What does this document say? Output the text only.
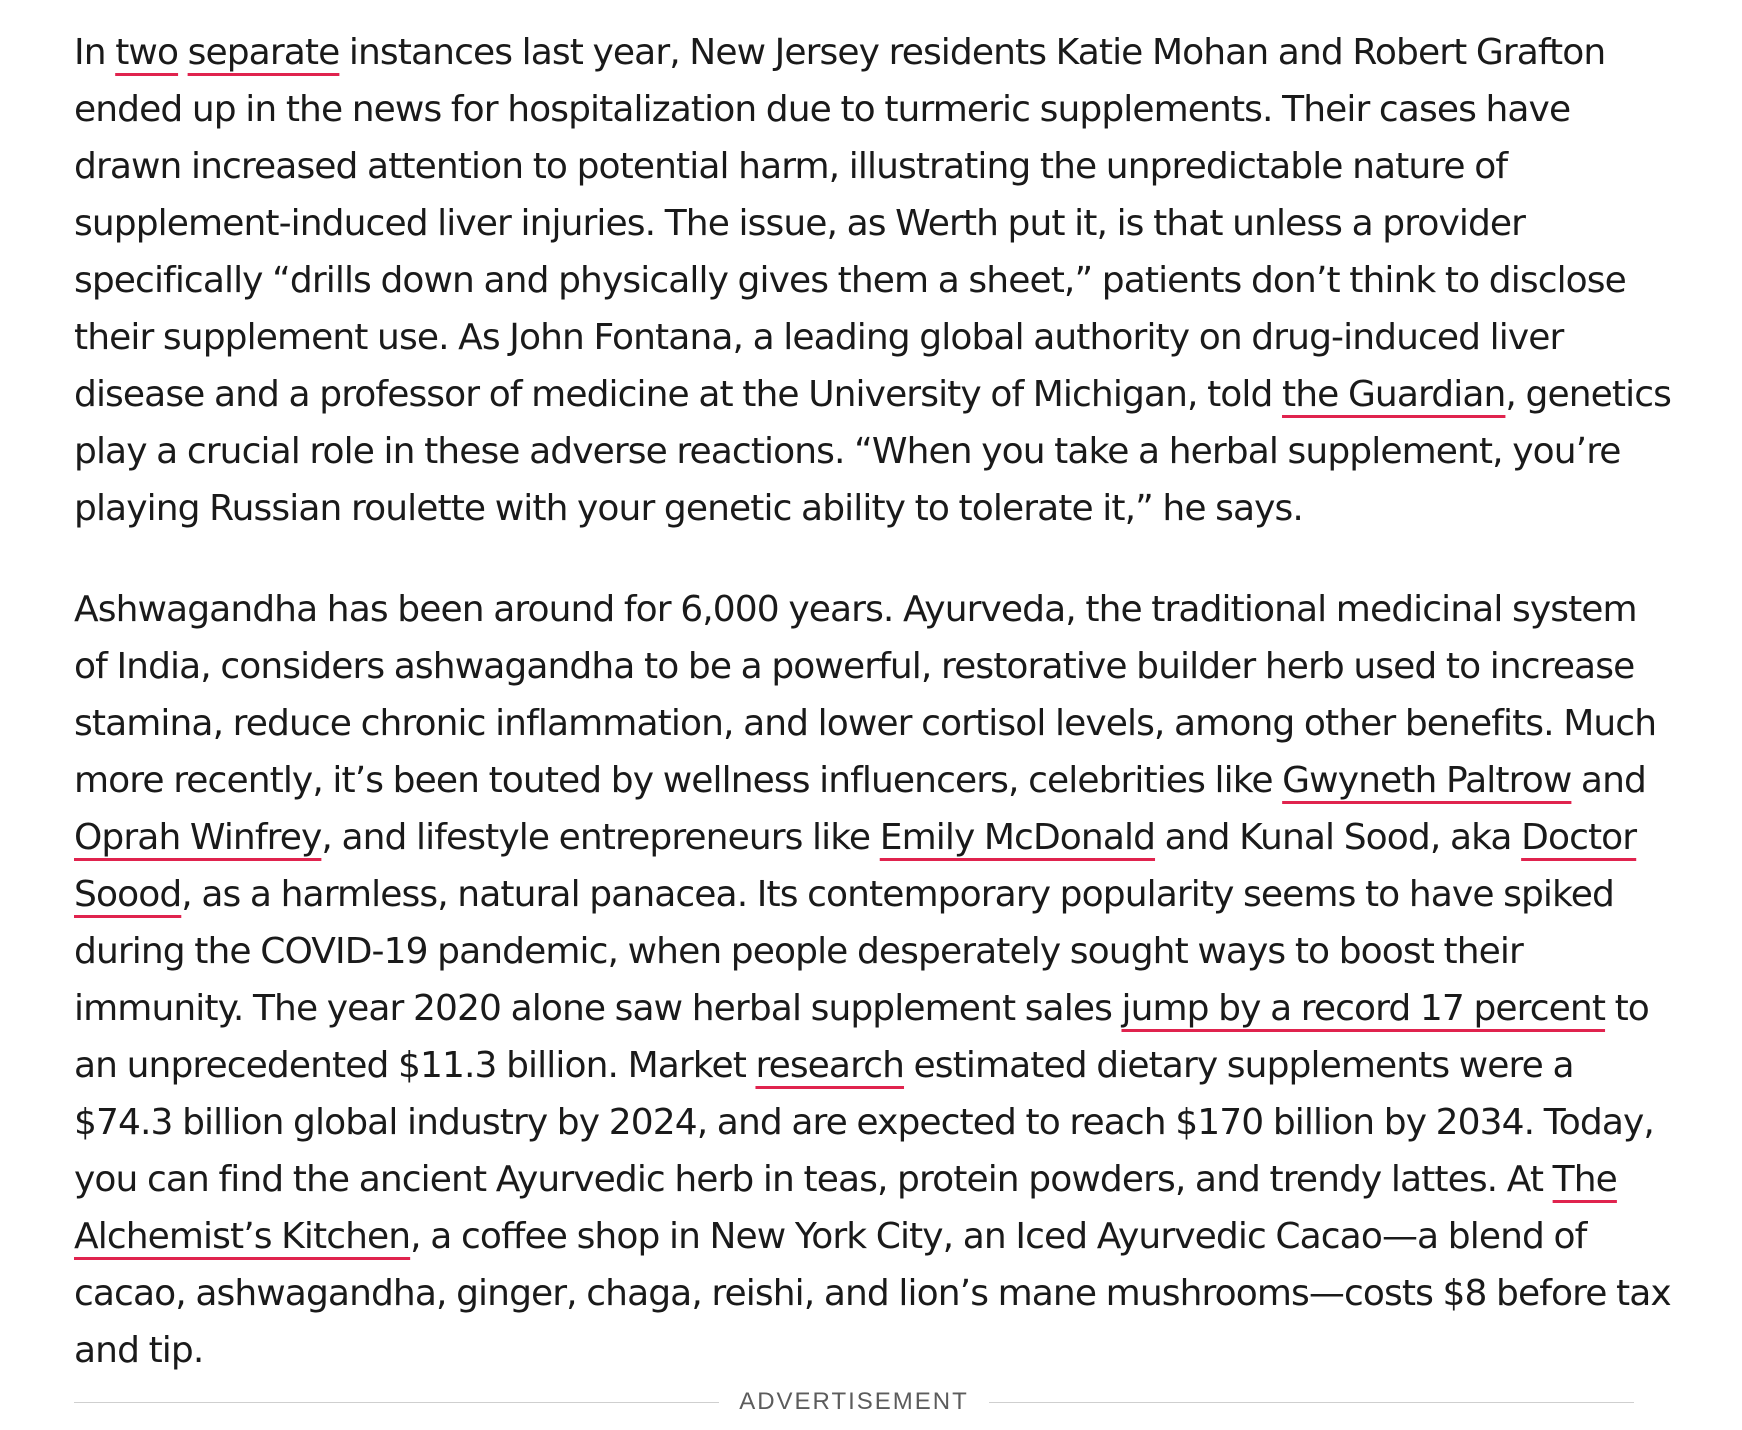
In two separate instances last year, New Jersey residents Katie Mohan and Robert Grafton ended up in the news for hospitalization due to turmeric supplements. Their cases have drawn increased attention to potential harm, illustrating the unpredictable nature of supplement-induced liver injuries. The issue, as Werth put it, is that unless a provider specifically “drills down and physically gives them a sheet,” patients don’t think to disclose their supplement use. As John Fontana, a leading global authority on drug-induced liver disease and a professor of medicine at the University of Michigan, told the Guardian, genetics play a crucial role in these adverse reactions. “When you take a herbal supplement, you’re playing Russian roulette with your genetic ability to tolerate it,” he says.

Ashwagandha has been around for 6,000 years. Ayurveda, the traditional medicinal system of India, considers ashwagandha to be a powerful, restorative builder herb used to increase stamina, reduce chronic inflammation, and lower cortisol levels, among other benefits. Much more recently, it’s been touted by wellness influencers, celebrities like Gwyneth Paltrow and Oprah Winfrey, and lifestyle entrepreneurs like Emily McDonald and Kunal Sood, aka Doctor Soood, as a harmless, natural panacea. Its contemporary popularity seems to have spiked during the COVID-19 pandemic, when people desperately sought ways to boost their immunity. The year 2020 alone saw herbal supplement sales jump by a record 17 percent to an unprecedented $11.3 billion. Market research estimated dietary supplements were a $74.3 billion global industry by 2024, and are expected to reach $170 billion by 2034. Today, you can find the ancient Ayurvedic herb in teas, protein powders, and trendy lattes. At The Alchemist’s Kitchen, a coffee shop in New York City, an Iced Ayurvedic Cacao—a blend of cacao, ashwagandha, ginger, chaga, reishi, and lion’s mane mushrooms—costs $8 before tax and tip.

ADVERTISEMENT
